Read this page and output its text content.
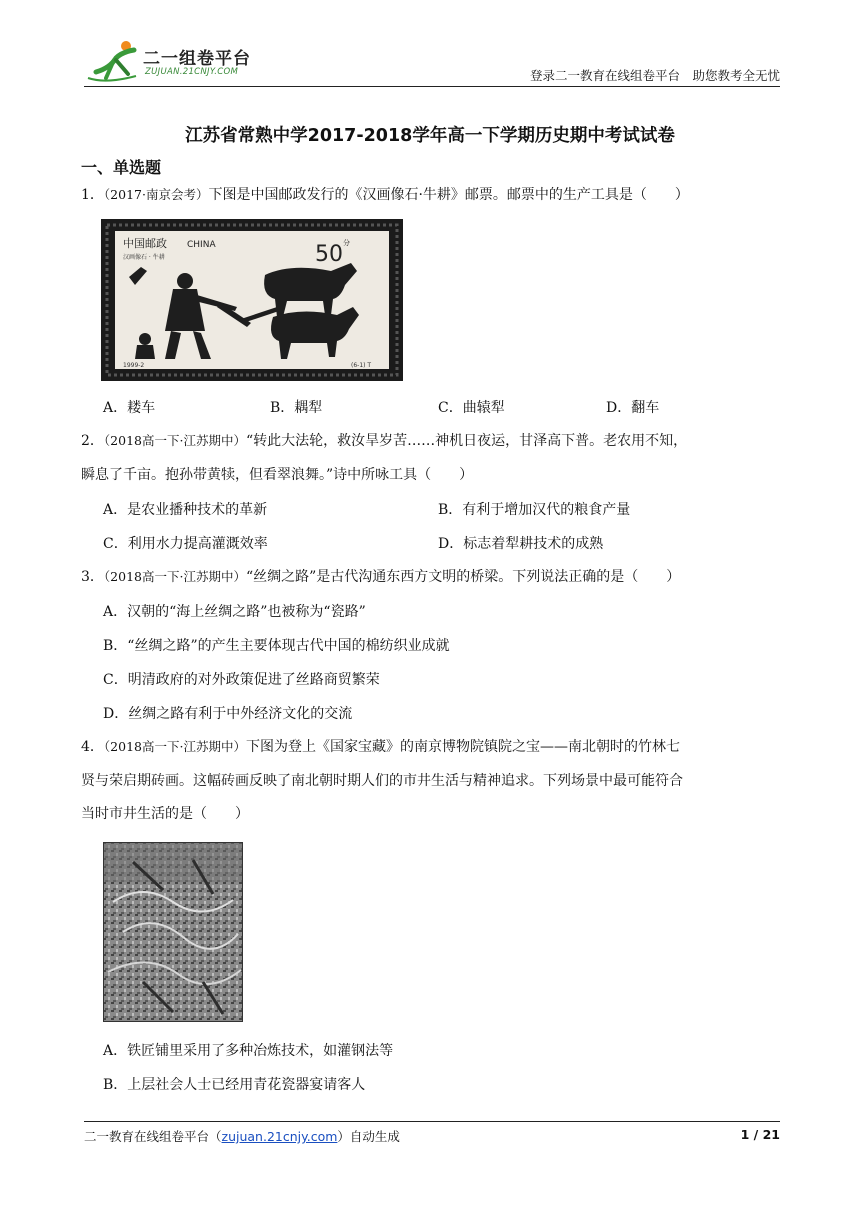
二一组卷平台
ZUJUAN.21CNJY.COM	登录二一教育在线组卷平台　助您教考全无忧
江苏省常熟中学2017-2018学年高一下学期历史期中考试试卷
一、单选题
1．（2017·南京会考）下图是中国邮政发行的《汉画像石·牛耕》邮票。邮票中的生产工具是（　　）
中国邮政 CHINA	50 分
汉画像石 · 牛耕
1999-2	(6-1) T
A．耧车	B．耦犁	C．曲辕犁	D．翻车
2．（2018高一下·江苏期中）“转此大法轮，救汝旱岁苦……神机日夜运，甘泽高下普。老农用不知，
瞬息了千亩。抱孙带黄犊，但看翠浪舞。”诗中所咏工具（　　）
A．是农业播种技术的革新	B．有利于增加汉代的粮食产量
C．利用水力提高灌溉效率	D．标志着犁耕技术的成熟
3．（2018高一下·江苏期中）“丝绸之路”是古代沟通东西方文明的桥梁。下列说法正确的是（　　）
A．汉朝的“海上丝绸之路”也被称为“瓷路”
B．“丝绸之路”的产生主要体现古代中国的棉纺织业成就
C．明清政府的对外政策促进了丝路商贸繁荣
D．丝绸之路有利于中外经济文化的交流
4．（2018高一下·江苏期中）下图为登上《国家宝藏》的南京博物院镇院之宝——南北朝时的竹林七
贤与荣启期砖画。这幅砖画反映了南北朝时期人们的市井生活与精神追求。下列场景中最可能符合
当时市井生活的是（　　）
A．铁匠铺里采用了多种冶炼技术，如灌钢法等
B．上层社会人士已经用青花瓷器宴请客人
二一教育在线组卷平台（zujuan.21cnjy.com）自动生成	1 / 21
